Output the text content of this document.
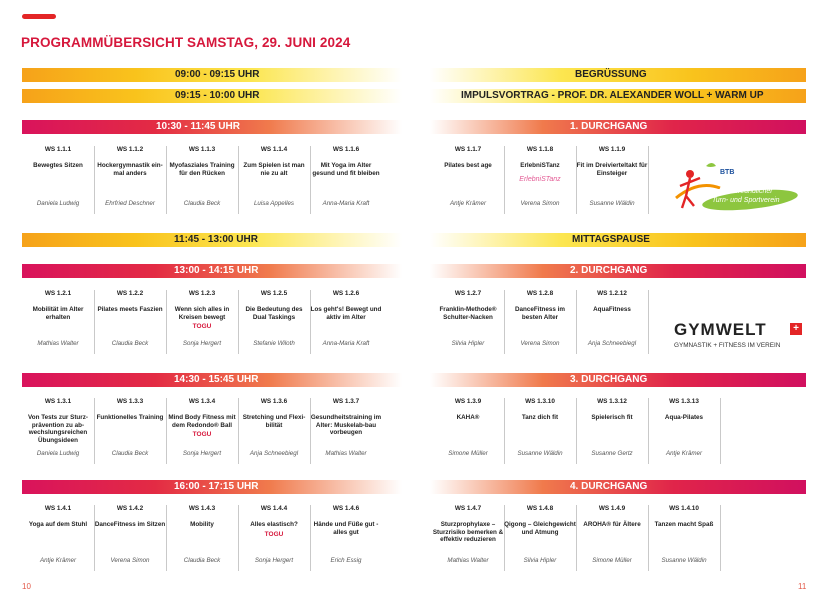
PROGRAMMÜBERSICHT SAMSTAG, 29. JUNI 2024
09:00 - 09:15 UHR	BEGRÜSSUNG
09:15 - 10:00 UHR	IMPULSVORTRAG - PROF. DR. ALEXANDER WOLL + WARM UP
10:30 - 11:45 UHR	1. DURCHGANG
WS 1.1.1
Bewegtes Sitzen
Daniela Ludwig
WS 1.1.2
Hockergymnastik ein-mal anders
Ehrfried Deschner
WS 1.1.3
Myofasziales Training für den Rücken
Claudia Beck
WS 1.1.4
Zum Spielen ist man nie zu alt
Luisa Appelles
WS 1.1.6
Mit Yoga im Alter gesund und fit bleiben
Anna-Maria Kraft
WS 1.1.7
Pilates best age
Antje Krämer
WS 1.1.8
ErlebniSTanz
Verena Simon
ErlebniSTanz
WS 1.1.9
Fit im Dreivierteltakt für Einsteiger
Susanne Wäldin
11:45 - 13:00 UHR	MITTAGSPAUSE
13:00 - 14:15 UHR	2. DURCHGANG
WS 1.2.1
Mobilität im Alter erhalten
Mathias Walter
WS 1.2.2
Pilates meets Faszien
Claudia Beck
WS 1.2.3
Wenn sich alles in Kreisen bewegt
Sonja Hergert
TOGU
WS 1.2.5
Die Bedeutung des Dual Taskings
Stefanie Wiloth
WS 1.2.6
Los geht's! Bewegt und aktiv im Alter
Anna-Maria Kraft
WS 1.2.7
Franklin-Methode® Schulter-Nacken
Silvia Hipler
WS 1.2.8
DanceFitness im besten Alter
Verena Simon
WS 1.2.12
AquaFitness
Anja Schneebiegl
14:30 - 15:45 UHR	3. DURCHGANG
WS 1.3.1
Von Tests zur Sturz-prävention zu ab-wechslungsreichen Übungsideen
Daniela Ludwig
WS 1.3.3
Funktionelles Training
Claudia Beck
WS 1.3.4
Mind Body Fitness mit dem Redondo® Ball
Sonja Hergert
TOGU
WS 1.3.6
Stretching und Flexi-bilität
Anja Schneebiegl
WS 1.3.7
Gesundheitstraining im Alter: Muskelab-bau vorbeugen
Mathias Walter
WS 1.3.9
KAHA®
Simone Müller
WS 1.3.10
Tanz dich fit
Susanne Wäldin
WS 1.3.12
Spielerisch fit
Susanne Gertz
WS 1.3.13
Aqua-Pilates
Antje Krämer
16:00 - 17:15 UHR	4. DURCHGANG
WS 1.4.1
Yoga auf dem Stuhl
Antje Krämer
WS 1.4.2
DanceFitness im Sitzen
Verena Simon
WS 1.4.3
Mobility
Claudia Beck
WS 1.4.4
Alles elastisch?
Sonja Hergert
TOGU
WS 1.4.6
Hände und Füße gut - alles gut
Erich Essig
WS 1.4.7
Sturzprophylaxe – Sturzrisiko bemerken & effektiv reduzieren
Mathias Walter
WS 1.4.8
Qigong – Gleichgewicht und Atmung
Silvia Hipler
WS 1.4.9
AROHA® für Ältere
Simone Müller
WS 1.4.10
Tanzen macht Spaß
Susanne Wäldin
BTB
Seniorenfreundlicher
Turn- und Sportverein
GYMWELT	+
GYMNASTIK + FITNESS IM VEREIN
10	11
